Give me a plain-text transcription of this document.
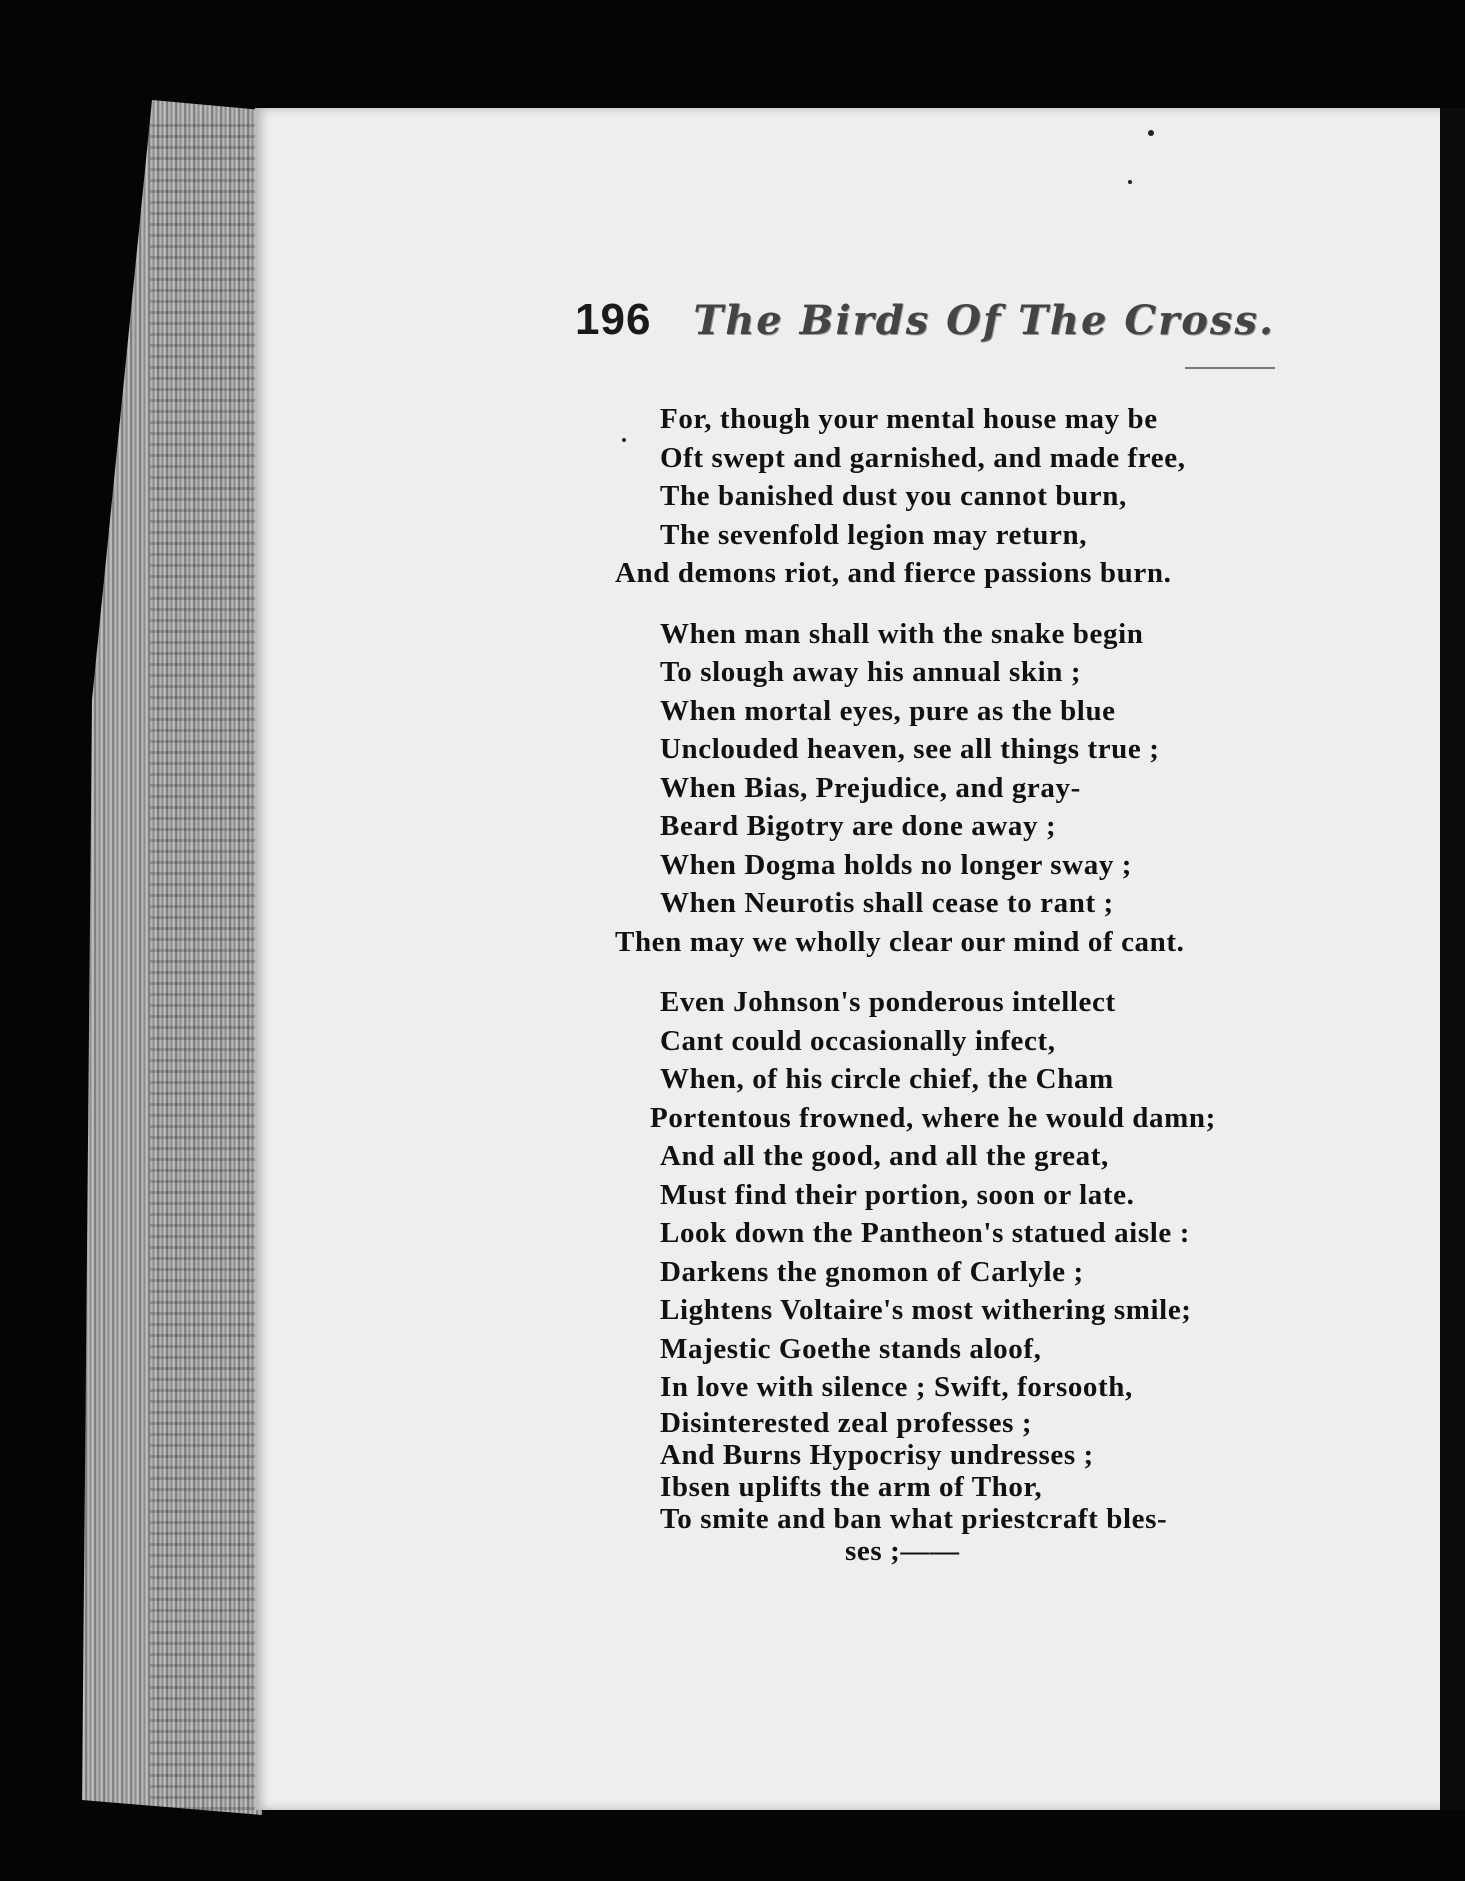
196 The Birds Of The Cross.
For, though your mental house may be
Oft swept and garnished, and made free,
The banished dust you cannot burn,
The sevenfold legion may return,
And demons riot, and fierce passions burn.
When man shall with the snake begin
To slough away his annual skin ;
When mortal eyes, pure as the blue
Unclouded heaven, see all things true ;
When Bias, Prejudice, and gray-
Beard Bigotry are done away ;
When Dogma holds no longer sway ;
When Neurotis shall cease to rant ;
Then may we wholly clear our mind of cant.
Even Johnson's ponderous intellect
Cant could occasionally infect,
When, of his circle chief, the Cham
Portentous frowned, where he would damn;
And all the good, and all the great,
Must find their portion, soon or late.
Look down the Pantheon's statued aisle :
Darkens the gnomon of Carlyle ;
Lightens Voltaire's most withering smile;
Majestic Goethe stands aloof,
In love with silence ; Swift, forsooth,
Disinterested zeal professes ;
And Burns Hypocrisy undresses ;
Ibsen uplifts the arm of Thor,
To smite and ban what priestcraft bles-
ses ;——
